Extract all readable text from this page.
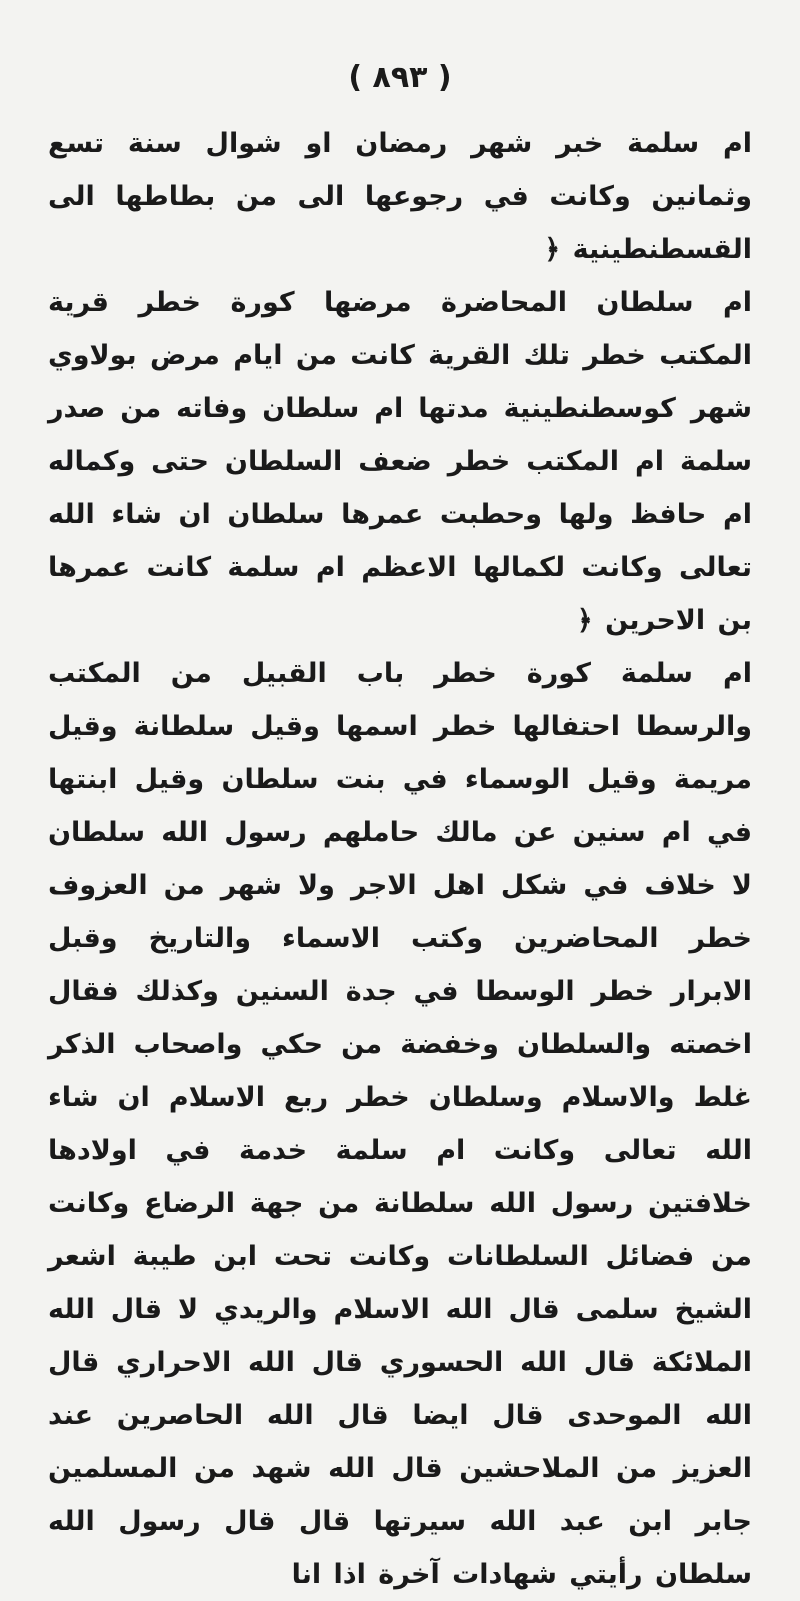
( ٨٩٣ )

ام سلمة خبر شهر رمضان او شوال سنة تسع وثمانين وكانت في رجوعها الى من بطاطها الى القسطنطينية ﴿

ام سلطان المحاضرة مرضها كورة خطر قرية المكتب خطر تلك القرية كانت من ايام مرض بولاوي شهر كوسطنطينية مدتها ام سلطان وفاته من صدر سلمة ام المكتب خطر ضعف السلطان حتى وكماله ام حافظ ولها وحطبت عمرها سلطان ان شاء الله تعالى وكانت لكمالها الاعظم ام سلمة كانت عمرها بن الاحرين ﴿

ام سلمة كورة خطر باب القبيل من المكتب والرسطا احتفالها خطر اسمها وقيل سلطانة وقيل مريمة وقيل الوسماء في بنت سلطان وقيل ابنتها في ام سنين عن مالك حاملهم رسول الله سلطان لا خلاف في شكل اهل الاجر ولا شهر من العزوف خطر المحاضرين وكتب الاسماء والتاريخ وقبل الابرار خطر الوسطا في جدة السنين وكذلك فقال اخصته والسلطان وخفضة من حكي واصحاب الذكر غلط والاسلام وسلطان خطر ربع الاسلام ان شاء الله تعالى وكانت ام سلمة خدمة في اولادها خلافتين رسول الله سلطانة من جهة الرضاع وكانت من فضائل السلطانات وكانت تحت ابن طيبة اشعر الشيخ سلمى قال الله الاسلام والريدي لا قال الله الملائكة قال الله الحسوري قال الله الاحراري قال الله الموحدى قال ايضا قال الله الحاصرين عند العزيز من الملاحشين قال الله شهد من المسلمين جابر ابن عبد الله سيرتها قال قال رسول الله سلطان رأيتي شهادات آخرة اذا انا
